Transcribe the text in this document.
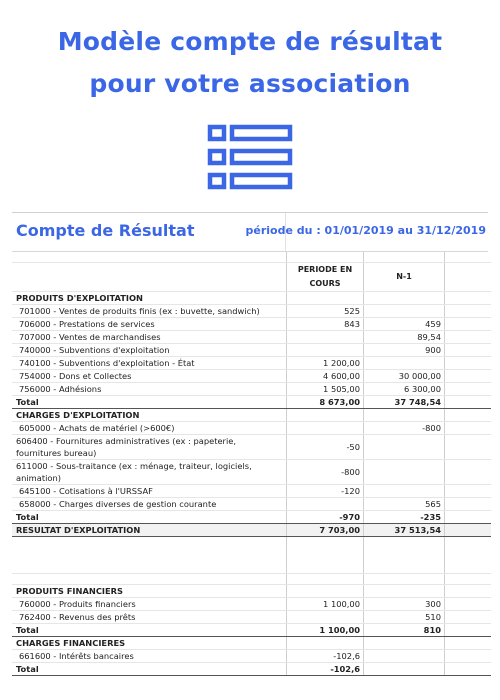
Modèle compte de résultat
pour votre association
Compte de Résultat	période du : 01/01/2019 au 31/12/2019

	PERIODE EN
COURS	N-1	
PRODUITS D'EXPLOITATION			
701000 - Ventes de produits finis (ex : buvette, sandwich)	525		
706000 - Prestations de services	843	459	
707000 - Ventes de marchandises		89,54	
740000 - Subventions d'exploitation		900	
740100 - Subventions d'exploitation - État	1 200,00		
754000 - Dons et Collectes	4 600,00	30 000,00	
756000 - Adhésions	1 505,00	6 300,00	
Total	8 673,00	37 748,54	
CHARGES D'EXPLOITATION			
605000 - Achats de matériel (>600€)		-800	
606400 - Fournitures administratives (ex : papeterie, fournitures bureau)	-50		
611000 - Sous-traitance (ex : ménage, traiteur, logiciels, animation)	-800		
645100 - Cotisations à l'URSSAF	-120		
658000 - Charges diverses de gestion courante		565	
Total	-970	-235	
RESULTAT D'EXPLOITATION	7 703,00	37 513,54	

PRODUITS FINANCIERS			
760000 - Produits financiers	1 100,00	300	
762400 - Revenus des prêts		510	
Total	1 100,00	810	
CHARGES FINANCIERES			
661600 - Intérêts bancaires	-102,6		
Total	-102,6		
